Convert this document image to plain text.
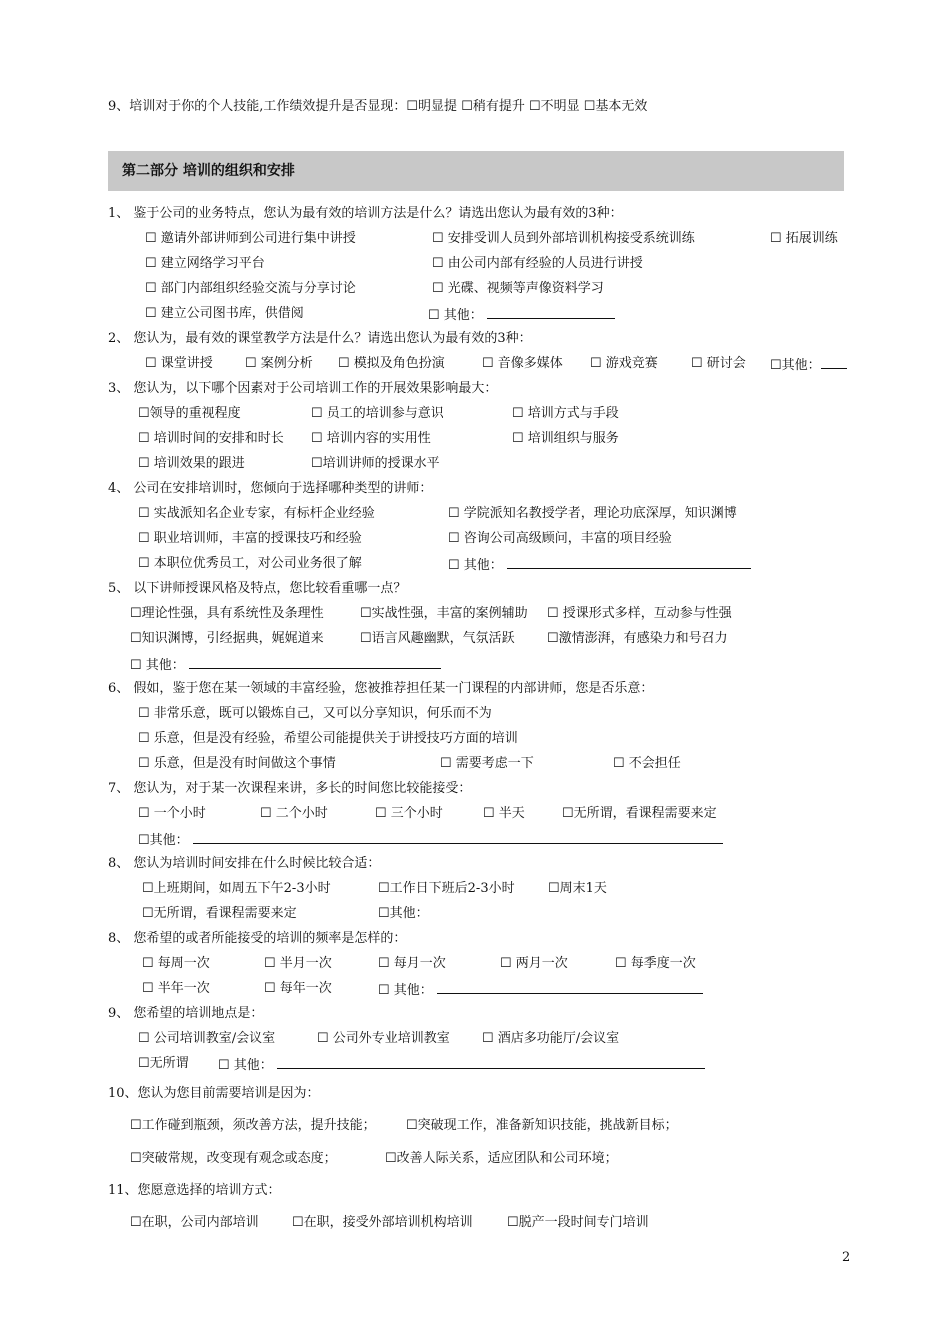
9、培训对于你的个人技能,工作绩效提升是否显现：☐明显提 ☐稍有提升 ☐不明显 ☐基本无效
第二部分 培训的组织和安排
1、 鉴于公司的业务特点，您认为最有效的培训方法是什么？请选出您认为最有效的3种：
☐ 邀请外部讲师到公司进行集中讲授	☐ 安排受训人员到外部培训机构接受系统训练	☐ 拓展训练
☐ 建立网络学习平台	☐ 由公司内部有经验的人员进行讲授
☐ 部门内部组织经验交流与分享讨论	☐ 光碟、视频等声像资料学习
☐ 建立公司图书库，供借阅	☐ 其他：
2、 您认为，最有效的课堂教学方法是什么？请选出您认为最有效的3种：
☐ 课堂讲授 ☐ 案例分析 ☐ 模拟及角色扮演	☐ 音像多媒体 ☐ 游戏竞赛	☐ 研讨会 ☐其他：
3、 您认为，以下哪个因素对于公司培训工作的开展效果影响最大：
☐领导的重视程度	☐ 员工的培训参与意识	☐ 培训方式与手段
☐ 培训时间的安排和时长 ☐ 培训内容的实用性	☐ 培训组织与服务
☐ 培训效果的跟进	☐培训讲师的授课水平
4、 公司在安排培训时，您倾向于选择哪种类型的讲师：
☐ 实战派知名企业专家，有标杆企业经验	☐ 学院派知名教授学者，理论功底深厚，知识渊博
☐ 职业培训师，丰富的授课技巧和经验	☐ 咨询公司高级顾问，丰富的项目经验
☐ 本职位优秀员工，对公司业务很了解	☐ 其他：
5、 以下讲师授课风格及特点，您比较看重哪一点？
☐理论性强，具有系统性及条理性	☐实战性强，丰富的案例辅助 ☐ 授课形式多样，互动参与性强
☐知识渊博，引经据典，娓娓道来	☐语言风趣幽默，气氛活跃 ☐激情澎湃，有感染力和号召力
☐ 其他：
6、 假如，鉴于您在某一领域的丰富经验，您被推荐担任某一门课程的内部讲师，您是否乐意：
☐ 非常乐意，既可以锻炼自己，又可以分享知识，何乐而不为
☐ 乐意，但是没有经验，希望公司能提供关于讲授技巧方面的培训
☐ 乐意，但是没有时间做这个事情	☐ 需要考虑一下	☐ 不会担任
7、 您认为，对于某一次课程来讲，多长的时间您比较能接受：
☐ 一个小时	☐ 二个小时	☐ 三个小时	☐ 半天	☐无所谓，看课程需要来定
☐其他：
8、 您认为培训时间安排在什么时候比较合适：
☐上班期间，如周五下午2-3小时	☐工作日下班后2-3小时	☐周末1天
☐无所谓，看课程需要来定	☐其他：
8、 您希望的或者所能接受的培训的频率是怎样的：
☐ 每周一次	☐ 半月一次	☐ 每月一次	☐ 两月一次	☐ 每季度一次
☐ 半年一次	☐ 每年一次	☐ 其他：
9、 您希望的培训地点是：
☐ 公司培训教室/会议室	☐ 公司外专业培训教室 ☐ 酒店多功能厅/会议室
☐无所谓 ☐ 其他：
10、您认为您目前需要培训是因为：
☐工作碰到瓶颈，须改善方法，提升技能； ☐突破现工作，准备新知识技能，挑战新目标；
☐突破常规，改变现有观念或态度；	☐改善人际关系，适应团队和公司环境；
11、您愿意选择的培训方式：
☐在职，公司内部培训	☐在职，接受外部培训机构培训	☐脱产一段时间专门培训
2
